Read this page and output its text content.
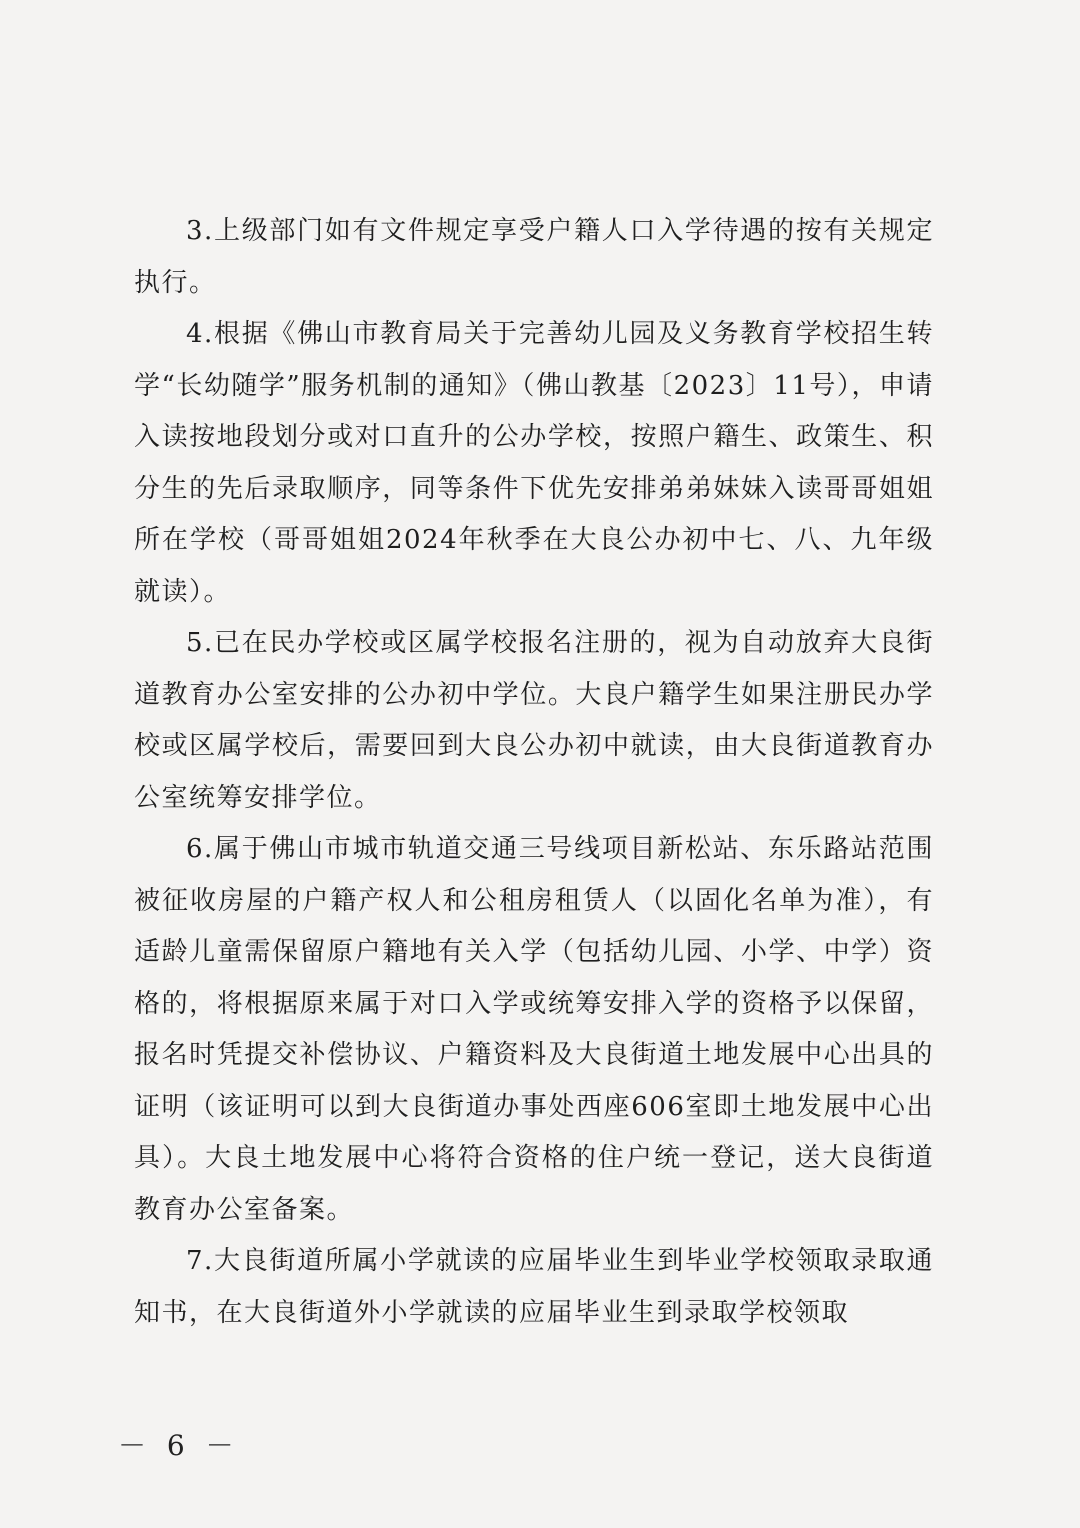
3.上级部门如有文件规定享受户籍人口入学待遇的按有关规定执行。

4.根据《佛山市教育局关于完善幼儿园及义务教育学校招生转学“长幼随学”服务机制的通知》（佛山教基〔2023〕11号），申请入读按地段划分或对口直升的公办学校，按照户籍生、政策生、积分生的先后录取顺序，同等条件下优先安排弟弟妹妹入读哥哥姐姐所在学校（哥哥姐姐2024年秋季在大良公办初中七、八、九年级就读）。

5.已在民办学校或区属学校报名注册的，视为自动放弃大良街道教育办公室安排的公办初中学位。大良户籍学生如果注册民办学校或区属学校后，需要回到大良公办初中就读，由大良街道教育办公室统筹安排学位。

6.属于佛山市城市轨道交通三号线项目新松站、东乐路站范围被征收房屋的户籍产权人和公租房租赁人（以固化名单为准），有适龄儿童需保留原户籍地有关入学（包括幼儿园、小学、中学）资格的，将根据原来属于对口入学或统筹安排入学的资格予以保留，报名时凭提交补偿协议、户籍资料及大良街道土地发展中心出具的证明（该证明可以到大良街道办事处西座606室即土地发展中心出具）。大良土地发展中心将符合资格的住户统一登记，送大良街道教育办公室备案。

7.大良街道所属小学就读的应届毕业生到毕业学校领取录取通知书，在大良街道外小学就读的应届毕业生到录取学校领取

－ 6 －
